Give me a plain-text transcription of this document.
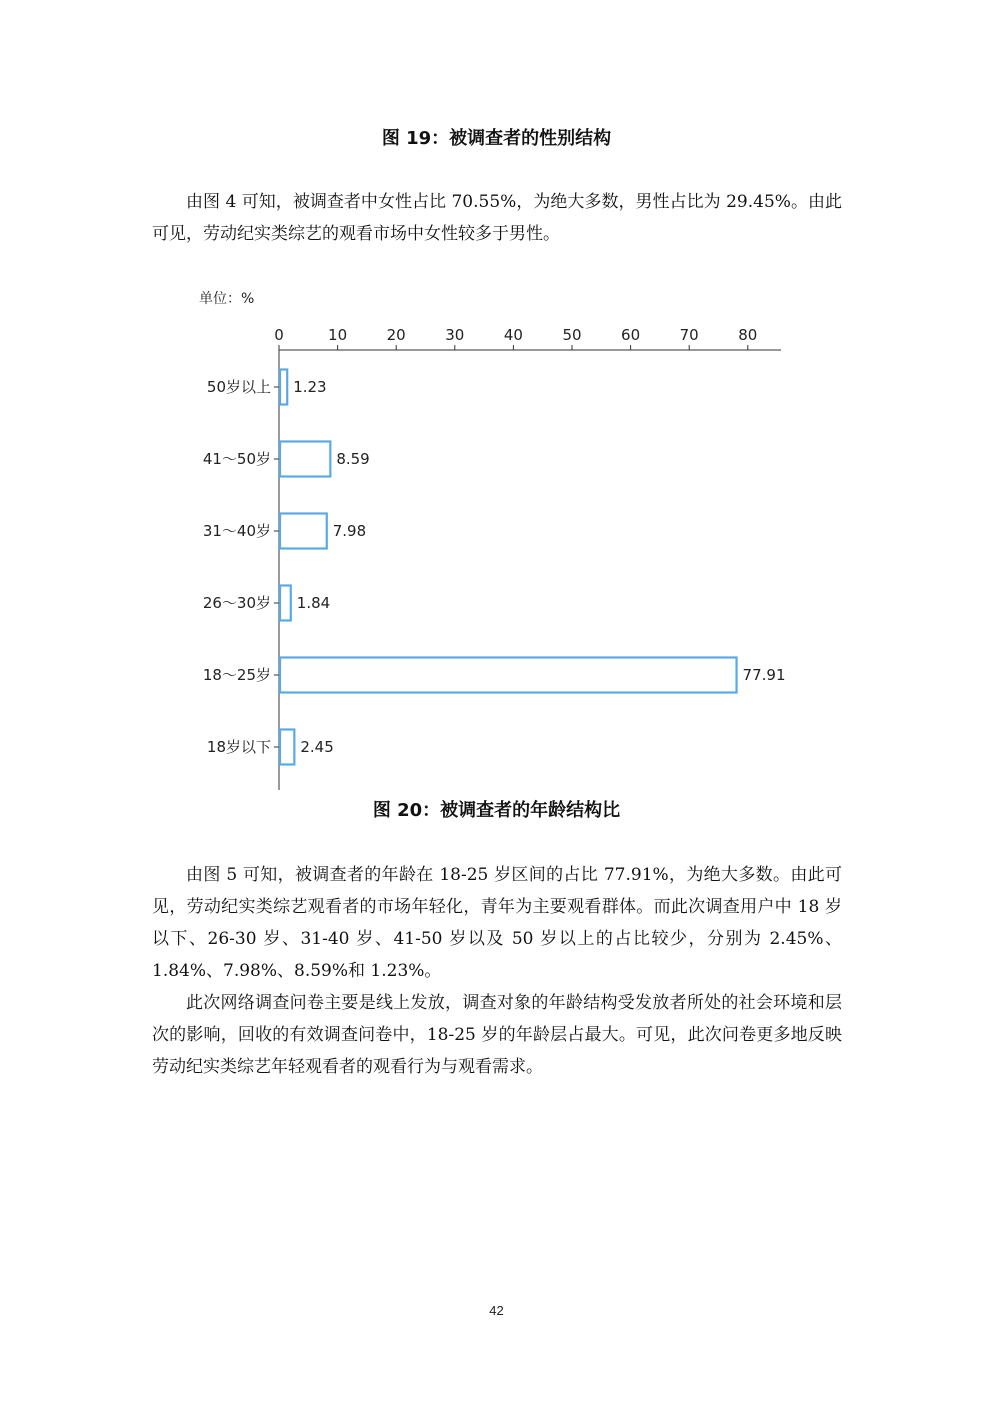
图 19：被调查者的性别结构

由图 4 可知，被调查者中女性占比 70.55%，为绝大多数，男性占比为 29.45%。由此可见，劳动纪实类综艺的观看市场中女性较多于男性。

单位：%
0	10	20	30	40	50	60	70	80
50岁以上
41～50岁
31～40岁
26～30岁
18～25岁
18岁以下
1.23
8.59
7.98
1.84
77.91
2.45
图 20：被调查者的年龄结构比

由图 5 可知，被调查者的年龄在 18-25 岁区间的占比 77.91%，为绝大多数。由此可见，劳动纪实类综艺观看者的市场年轻化，青年为主要观看群体。而此次调查用户中 18 岁以下、26-30 岁、31-40 岁、41-50 岁以及 50 岁以上的占比较少，分别为 2.45%、1.84%、7.98%、8.59%和 1.23%。

此次网络调查问卷主要是线上发放，调查对象的年龄结构受发放者所处的社会环境和层次的影响，回收的有效调查问卷中，18-25 岁的年龄层占最大。可见，此次问卷更多地反映劳动纪实类综艺年轻观看者的观看行为与观看需求。

42
